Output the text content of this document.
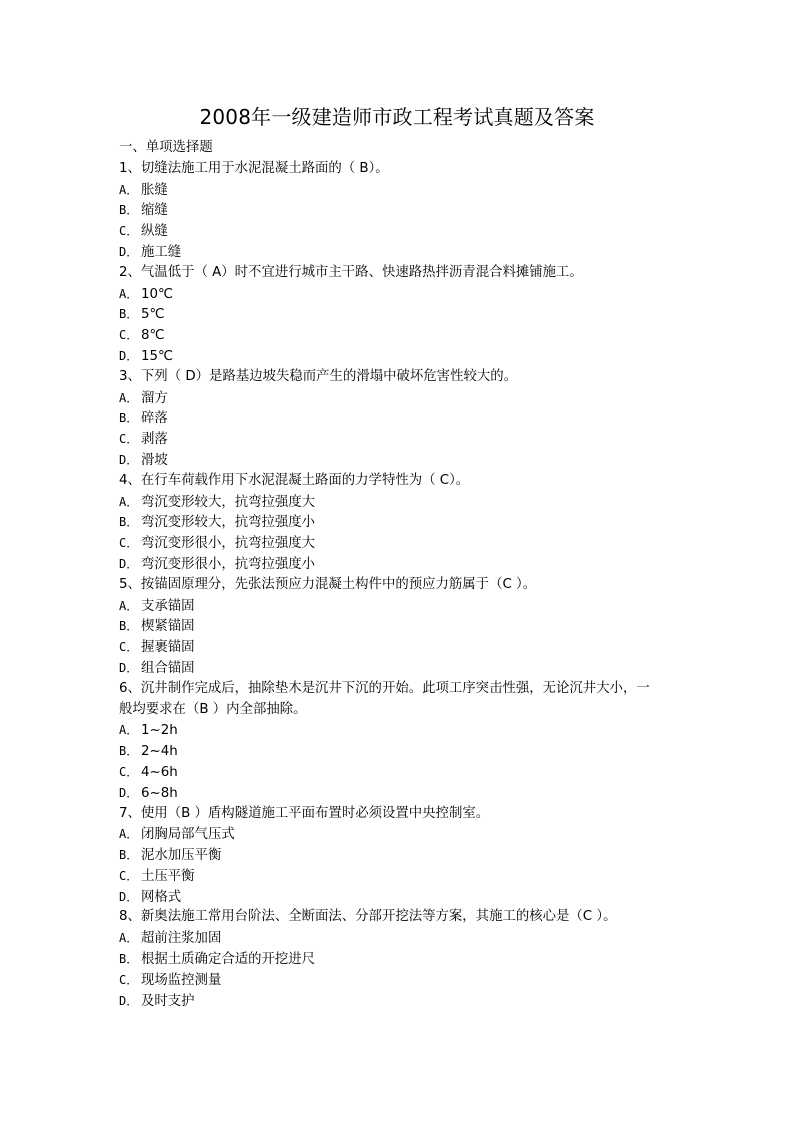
2008年一级建造师市政工程考试真题及答案
一、单项选择题
1、切缝法施工用于水泥混凝土路面的（ B）。
A． 胀缝
B． 缩缝
C． 纵缝
D． 施工缝
2、气温低于（ A）时不宜进行城市主干路、快速路热拌沥青混合料摊铺施工。
A． 10℃
B． 5℃
C． 8℃
D． 15℃
3、下列（ D）是路基边坡失稳而产生的滑塌中破坏危害性较大的。
A． 溜方
B． 碎落
C． 剥落
D． 滑坡
4、在行车荷载作用下水泥混凝土路面的力学特性为（ C）。
A． 弯沉变形较大，抗弯拉强度大
B． 弯沉变形较大，抗弯拉强度小
C． 弯沉变形很小，抗弯拉强度大
D． 弯沉变形很小，抗弯拉强度小
5、按锚固原理分，先张法预应力混凝土构件中的预应力筋属于（C ）。
A． 支承锚固
B． 楔紧锚固
C． 握裹锚固
D． 组合锚固
6、沉井制作完成后，抽除垫木是沉井下沉的开始。此项工序突击性强，无论沉井大小，一
般均要求在（B ）内全部抽除。
A． 1~2h
B． 2~4h
C． 4~6h
D． 6~8h
7、使用（B ）盾构隧道施工平面布置时必须设置中央控制室。
A． 闭胸局部气压式
B． 泥水加压平衡
C． 土压平衡
D． 网格式
8、新奥法施工常用台阶法、全断面法、分部开挖法等方案，其施工的核心是（C ）。
A． 超前注浆加固
B． 根据土质确定合适的开挖进尺
C． 现场监控测量
D． 及时支护
